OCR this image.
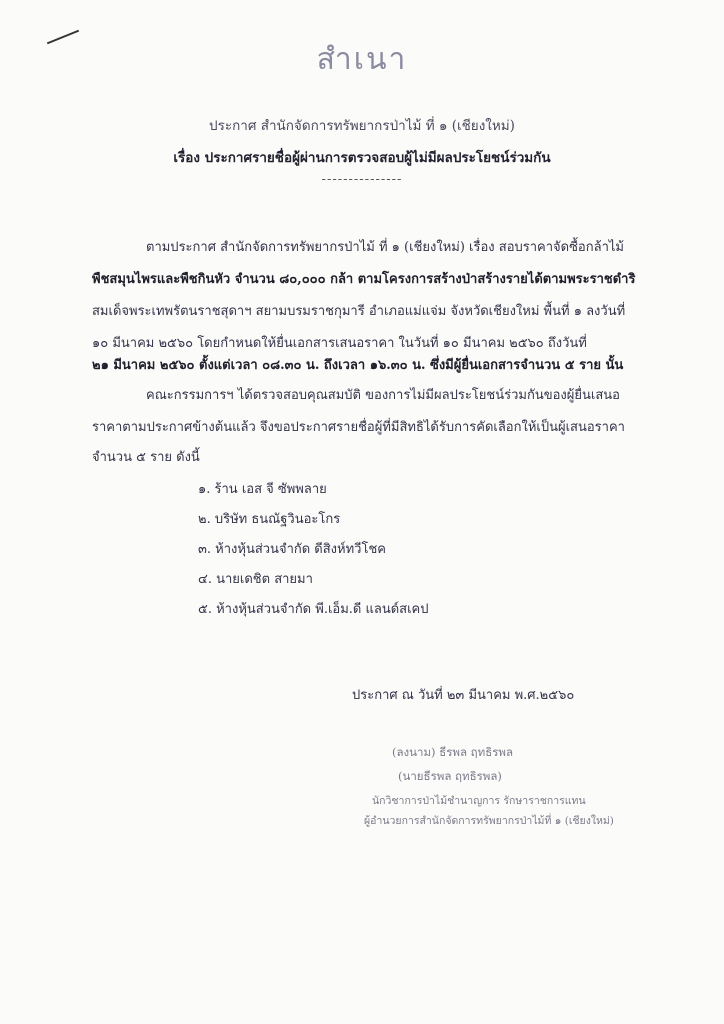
สำเนา
ประกาศ สำนักจัดการทรัพยากรป่าไม้ ที่ ๑ (เชียงใหม่)
เรื่อง ประกาศรายชื่อผู้ผ่านการตรวจสอบผู้ไม่มีผลประโยชน์ร่วมกัน
---------------
ตามประกาศ สำนักจัดการทรัพยากรป่าไม้ ที่ ๑ (เชียงใหม่) เรื่อง สอบราคาจัดซื้อกล้าไม้
พืชสมุนไพรและพืชกินหัว จำนวน ๘๐,๐๐๐ กล้า ตามโครงการสร้างป่าสร้างรายได้ตามพระราชดำริ
สมเด็จพระเทพรัตนราชสุดาฯ สยามบรมราชกุมารี อำเภอแม่แจ่ม จังหวัดเชียงใหม่ พื้นที่ ๑ ลงวันที่
๑๐ มีนาคม ๒๕๖๐ โดยกำหนดให้ยื่นเอกสารเสนอราคา ในวันที่ ๑๐ มีนาคม ๒๕๖๐ ถึงวันที่
๒๑ มีนาคม ๒๕๖๐ ตั้งแต่เวลา ๐๘.๓๐ น. ถึงเวลา ๑๖.๓๐ น. ซึ่งมีผู้ยื่นเอกสารจำนวน ๕ ราย นั้น
คณะกรรมการฯ ได้ตรวจสอบคุณสมบัติ ของการไม่มีผลประโยชน์ร่วมกันของผู้ยื่นเสนอ
ราคาตามประกาศข้างต้นแล้ว จึงขอประกาศรายชื่อผู้ที่มีสิทธิได้รับการคัดเลือกให้เป็นผู้เสนอราคา
จำนวน ๕ ราย ดังนี้
๑. ร้าน เอส จี ซัพพลาย
๒. บริษัท ธนณัฐวินอะโกร
๓. ห้างหุ้นส่วนจำกัด ดีสิงห์ทวีโชค
๔. นายเดชิต สายมา
๕. ห้างหุ้นส่วนจำกัด พี.เอ็ม.ดี แลนด์สเคป
ประกาศ ณ วันที่ ๒๓ มีนาคม พ.ศ.๒๕๖๐
(ลงนาม) ธีรพล ฤทธิรพล
(นายธีรพล ฤทธิรพล)
นักวิชาการป่าไม้ชำนาญการ รักษาราชการแทน
ผู้อำนวยการสำนักจัดการทรัพยากรป่าไม้ที่ ๑ (เชียงใหม่)
